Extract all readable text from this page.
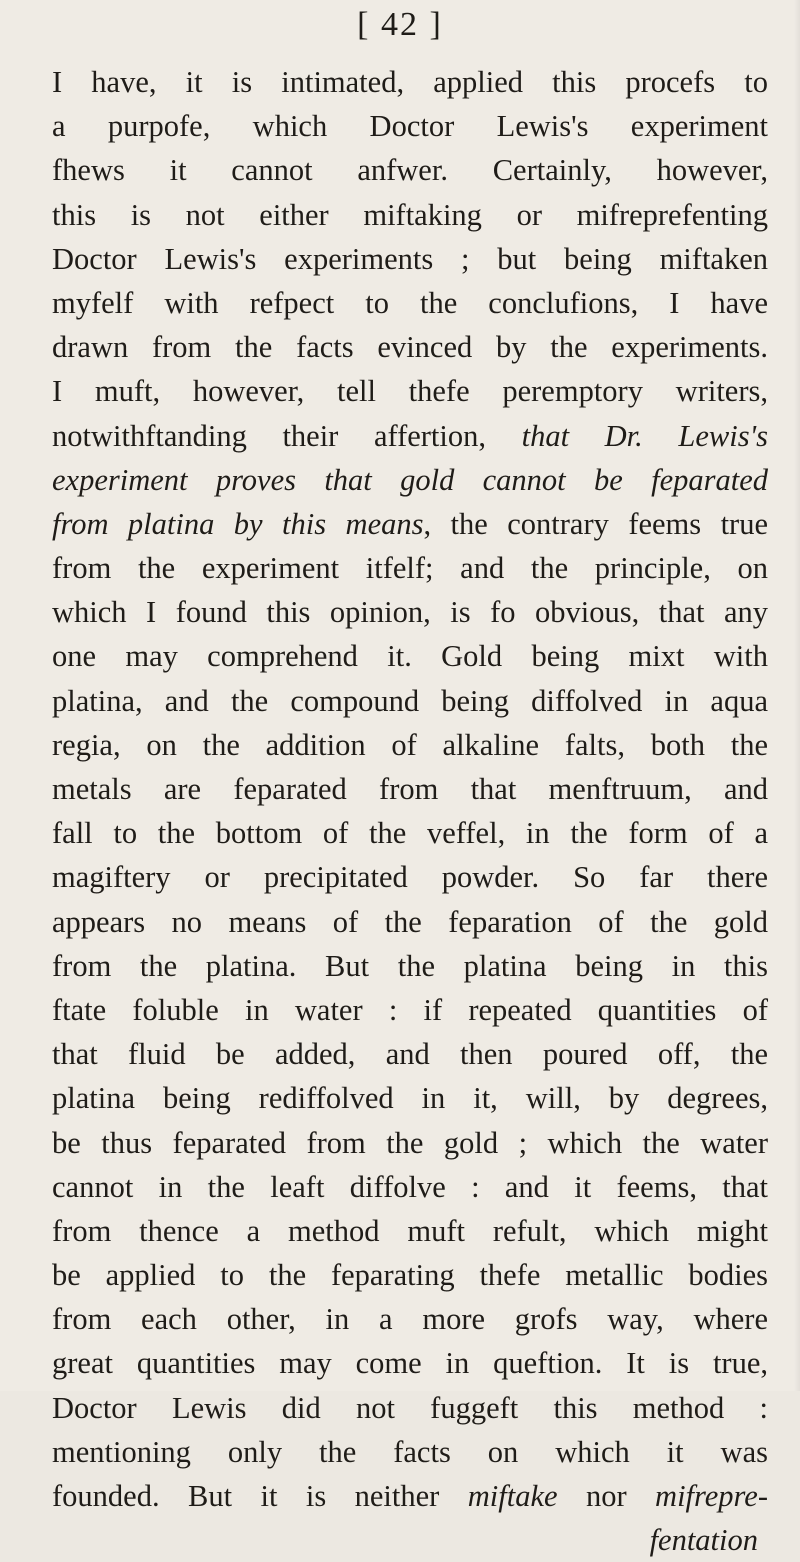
[ 42 ]
I have, it is intimated, applied this procefs to
a purpofe, which Doctor Lewis's experiment
fhews it cannot anfwer. Certainly, however,
this is not either miftaking or mifreprefenting
Doctor Lewis's experiments ; but being miftaken
myfelf with refpect to the conclufions, I have
drawn from the facts evinced by the experiments.
I muft, however, tell thefe peremptory writers,
notwithftanding their affertion, that Dr. Lewis's
experiment proves that gold cannot be feparated
from platina by this means, the contrary feems true
from the experiment itfelf; and the principle, on
which I found this opinion, is fo obvious, that any
one may comprehend it. Gold being mixt with
platina, and the compound being diffolved in aqua
regia, on the addition of alkaline falts, both the
metals are feparated from that menftruum, and
fall to the bottom of the veffel, in the form of a
magiftery or precipitated powder. So far there
appears no means of the feparation of the gold
from the platina. But the platina being in this
ftate foluble in water : if repeated quantities of
that fluid be added, and then poured off, the
platina being rediffolved in it, will, by degrees,
be thus feparated from the gold ; which the water
cannot in the leaft diffolve : and it feems, that
from thence a method muft refult, which might
be applied to the feparating thefe metallic bodies
from each other, in a more grofs way, where
great quantities may come in queftion. It is true,
Doctor Lewis did not fuggeft this method :
mentioning only the facts on which it was
founded. But it is neither miftake nor mifrepre-
fentation
